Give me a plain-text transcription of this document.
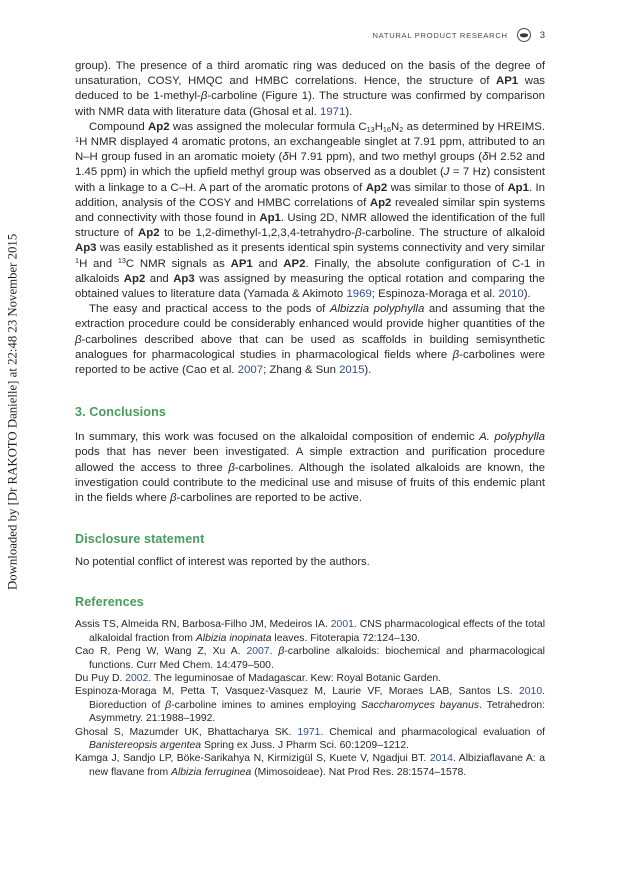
Downloaded by [Dr RAKOTO Danielle] at 22:48 23 November 2015
NATURAL PRODUCT RESEARCH	3

group). The presence of a third aromatic ring was deduced on the basis of the degree of unsaturation, COSY, HMQC and HMBC correlations. Hence, the structure of AP1 was deduced to be 1-methyl-β-carboline (Figure 1). The structure was confirmed by comparison with NMR data with literature data (Ghosal et al. 1971).

Compound Ap2 was assigned the molecular formula C13H16N2 as determined by HREIMS. $^1$H NMR displayed 4 aromatic protons, an exchangeable singlet at 7.91 ppm, attributed to an N–H group fused in an aromatic moiety (δH 7.91 ppm), and two methyl groups (δH 2.52 and 1.45 ppm) in which the upfield methyl group was observed as a doublet (J = 7 Hz) consistent with a linkage to a C–H. A part of the aromatic protons of Ap2 was similar to those of Ap1. In addition, analysis of the COSY and HMBC correlations of Ap2 revealed similar spin systems and connectivity with those found in Ap1. Using 2D, NMR allowed the identification of the full structure of Ap2 to be 1,2-dimethyl-1,2,3,4-tetrahydro-β-carboline. The structure of alkaloid Ap3 was easily established as it presents identical spin systems connectivity and very similar $^1$H and $^{13}$C NMR signals as AP1 and AP2. Finally, the absolute configuration of C-1 in alkaloids Ap2 and Ap3 was assigned by measuring the optical rotation and comparing the obtained values to literature data (Yamada & Akimoto 1969; Espinoza-Moraga et al. 2010).

The easy and practical access to the pods of Albizzia polyphylla and assuming that the extraction procedure could be considerably enhanced would provide higher quantities of the β-carbolines described above that can be used as scaffolds in building semisynthetic analogues for pharmacological studies in pharmacological fields where β-carbolines were reported to be active (Cao et al. 2007; Zhang & Sun 2015).

3. Conclusions

In summary, this work was focused on the alkaloidal composition of endemic A. polyphylla pods that has never been investigated. A simple extraction and purification procedure allowed the access to three β-carbolines. Although the isolated alkaloids are known, the investigation could contribute to the medicinal use and misuse of fruits of this endemic plant in the fields where β-carbolines are reported to be active.

Disclosure statement

No potential conflict of interest was reported by the authors.

References

Assis TS, Almeida RN, Barbosa-Filho JM, Medeiros IA. 2001. CNS pharmacological effects of the total alkaloidal fraction from Albizia inopinata leaves. Fitoterapia 72:124–130.

Cao R, Peng W, Wang Z, Xu A. 2007. β-carboline alkaloids: biochemical and pharmacological functions. Curr Med Chem. 14:479–500.

Du Puy D. 2002. The leguminosae of Madagascar. Kew: Royal Botanic Garden.

Espinoza-Moraga M, Petta T, Vasquez-Vasquez M, Laurie VF, Moraes LAB, Santos LS. 2010. Bioreduction of β-carboline imines to amines employing Saccharomyces bayanus. Tetrahedron: Asymmetry. 21:1988–1992.

Ghosal S, Mazumder UK, Bhattacharya SK. 1971. Chemical and pharmacological evaluation of Banistereopsis argentea Spring ex Juss. J Pharm Sci. 60:1209–1212.

Kamga J, Sandjo LP, Böke-Sarikahya N, Kirmizigül S, Kuete V, Ngadjui BT. 2014. Albiziaflavane A: a new flavane from Albizia ferruginea (Mimosoideae). Nat Prod Res. 28:1574–1578.
